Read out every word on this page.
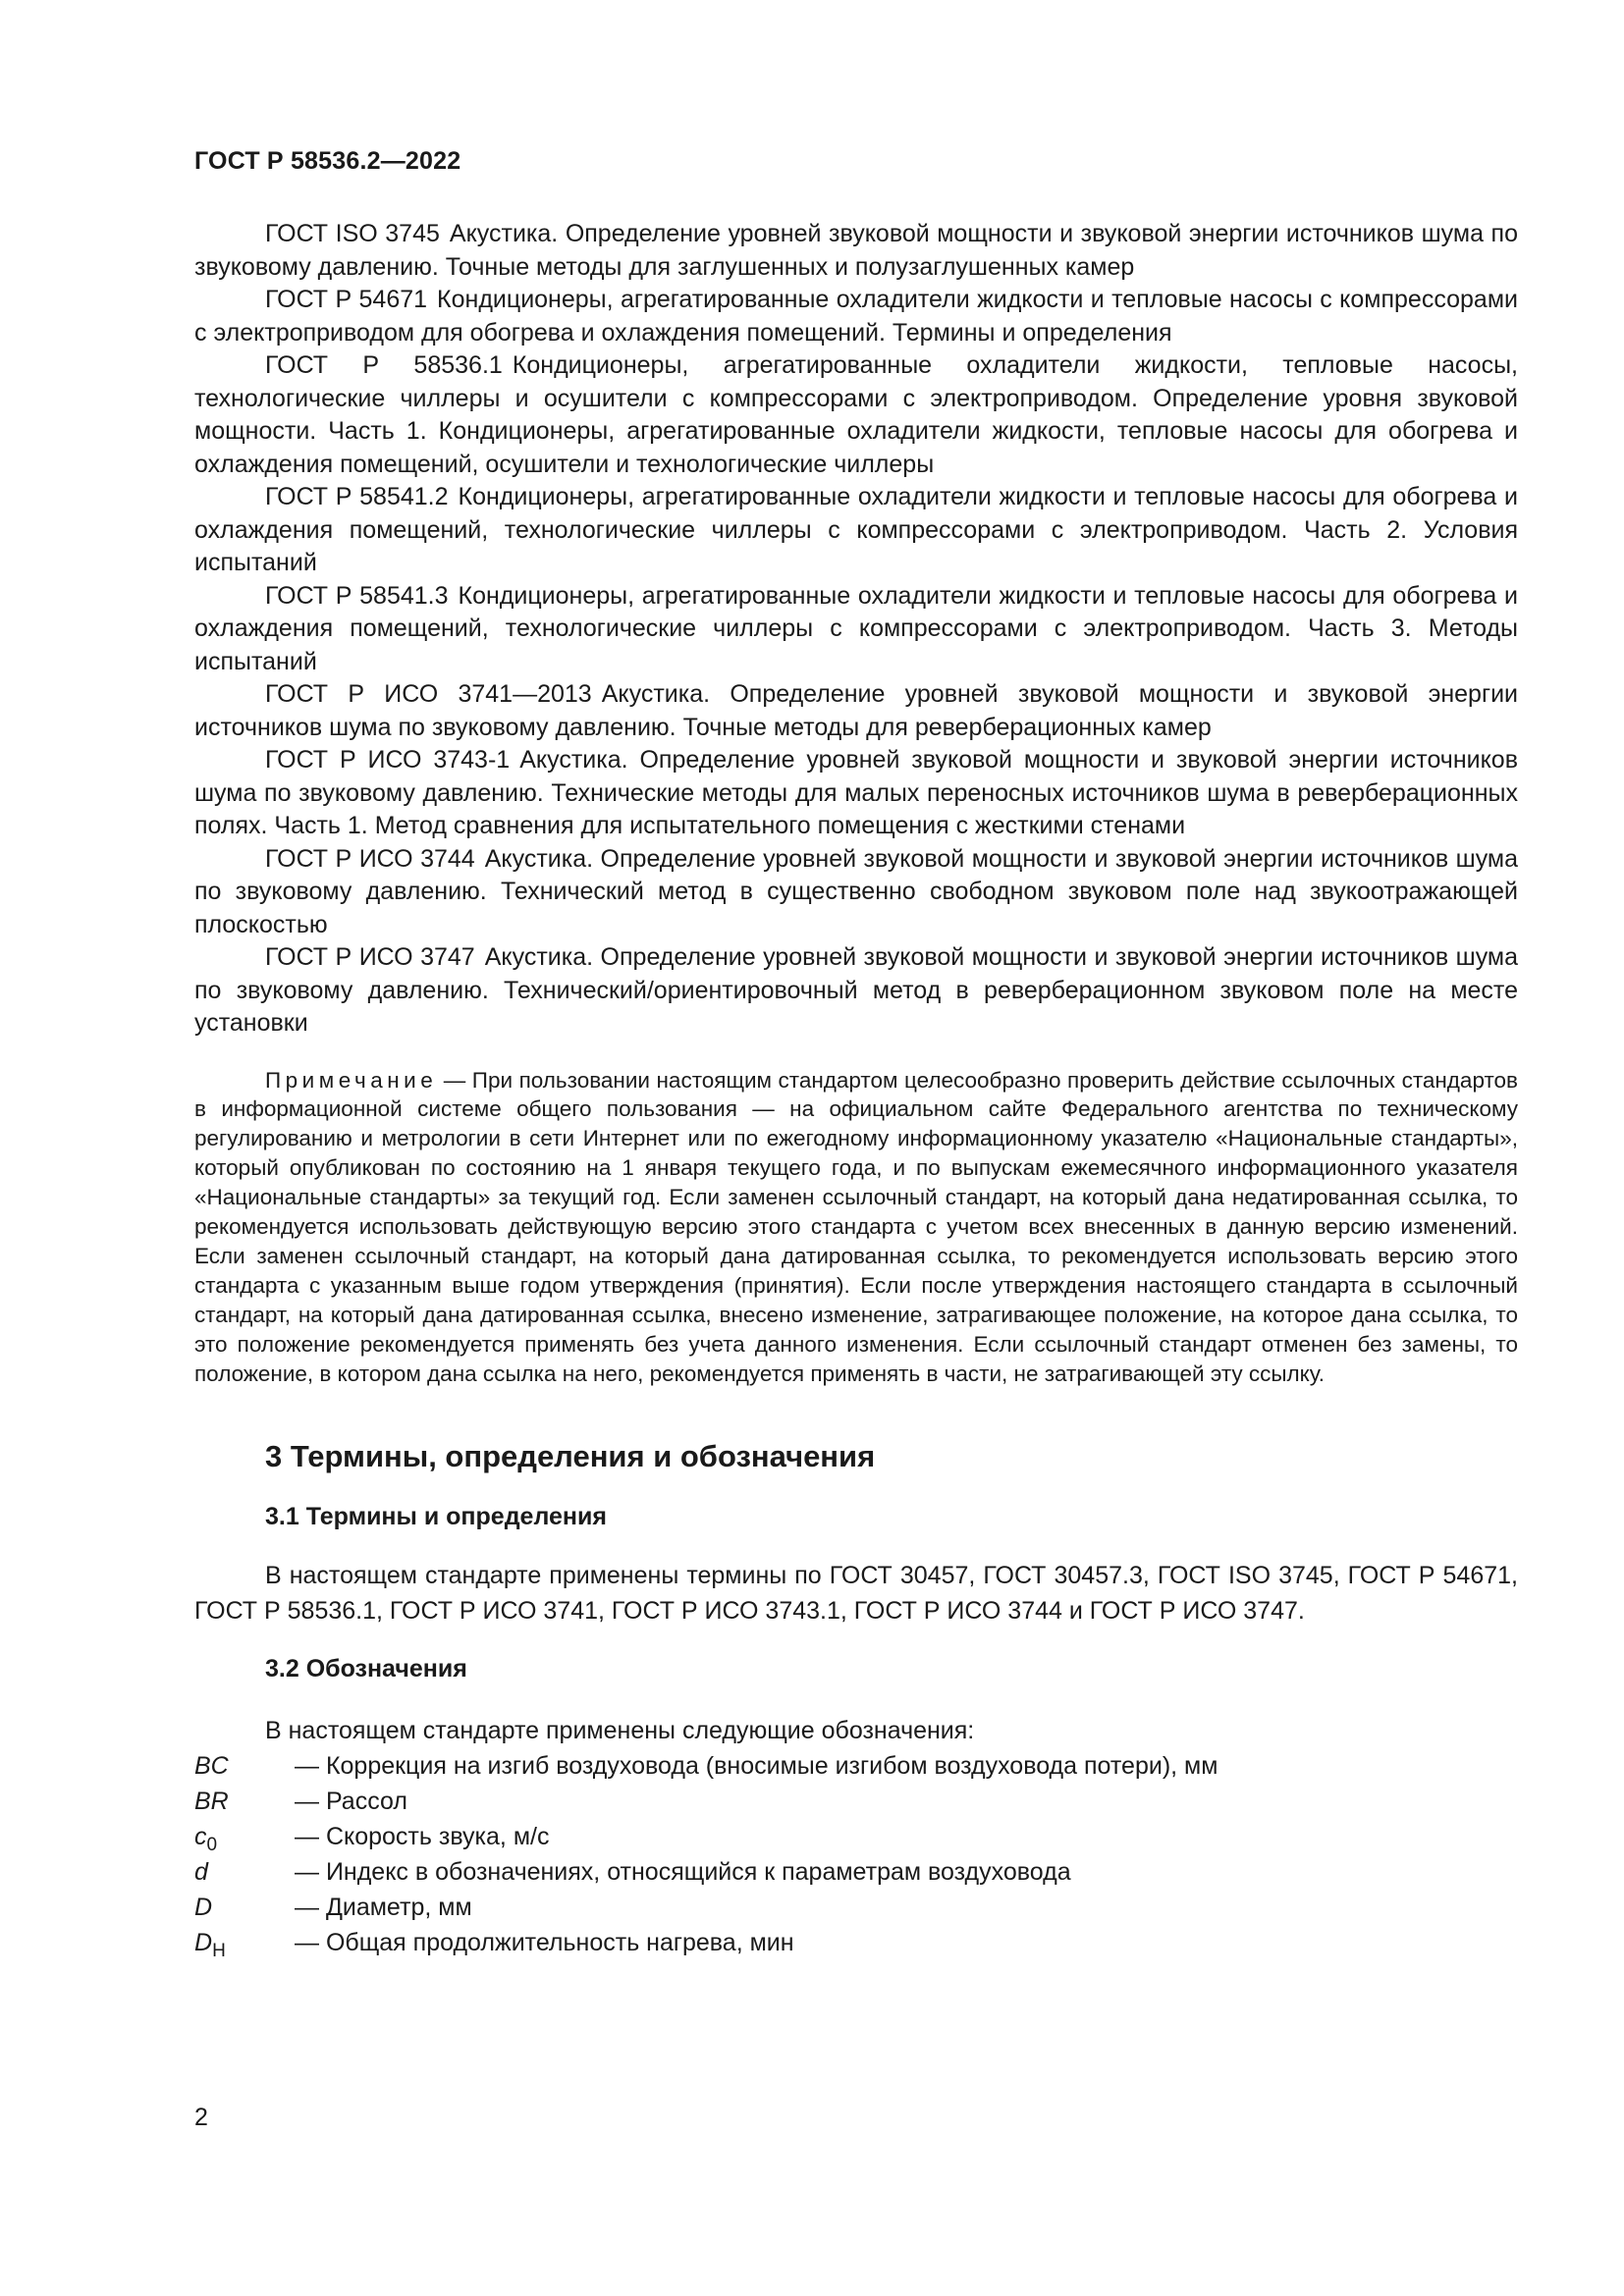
ГОСТ Р 58536.2—2022

ГОСТ ISO 3745 Акустика. Определение уровней звуковой мощности и звуковой энергии источников шума по звуковому давлению. Точные методы для заглушенных и полузаглушенных камер

ГОСТ Р 54671 Кондиционеры, агрегатированные охладители жидкости и тепловые насосы с компрессорами с электроприводом для обогрева и охлаждения помещений. Термины и определения

ГОСТ Р 58536.1 Кондиционеры, агрегатированные охладители жидкости, тепловые насосы, технологические чиллеры и осушители с компрессорами с электроприводом. Определение уровня звуковой мощности. Часть 1. Кондиционеры, агрегатированные охладители жидкости, тепловые насосы для обогрева и охлаждения помещений, осушители и технологические чиллеры

ГОСТ Р 58541.2 Кондиционеры, агрегатированные охладители жидкости и тепловые насосы для обогрева и охлаждения помещений, технологические чиллеры с компрессорами с электроприводом. Часть 2. Условия испытаний

ГОСТ Р 58541.3 Кондиционеры, агрегатированные охладители жидкости и тепловые насосы для обогрева и охлаждения помещений, технологические чиллеры с компрессорами с электроприводом. Часть 3. Методы испытаний

ГОСТ Р ИСО 3741—2013 Акустика. Определение уровней звуковой мощности и звуковой энергии источников шума по звуковому давлению. Точные методы для реверберационных камер

ГОСТ Р ИСО 3743-1 Акустика. Определение уровней звуковой мощности и звуковой энергии источников шума по звуковому давлению. Технические методы для малых переносных источников шума в реверберационных полях. Часть 1. Метод сравнения для испытательного помещения с жесткими стенами

ГОСТ Р ИСО 3744 Акустика. Определение уровней звуковой мощности и звуковой энергии источников шума по звуковому давлению. Технический метод в существенно свободном звуковом поле над звукоотражающей плоскостью

ГОСТ Р ИСО 3747 Акустика. Определение уровней звуковой мощности и звуковой энергии источников шума по звуковому давлению. Технический/ориентировочный метод в реверберационном звуковом поле на месте установки

Примечание — При пользовании настоящим стандартом целесообразно проверить действие ссылочных стандартов в информационной системе общего пользования — на официальном сайте Федерального агентства по техническому регулированию и метрологии в сети Интернет или по ежегодному информационному указателю «Национальные стандарты», который опубликован по состоянию на 1 января текущего года, и по выпускам ежемесячного информационного указателя «Национальные стандарты» за текущий год. Если заменен ссылочный стандарт, на который дана недатированная ссылка, то рекомендуется использовать действующую версию этого стандарта с учетом всех внесенных в данную версию изменений. Если заменен ссылочный стандарт, на который дана датированная ссылка, то рекомендуется использовать версию этого стандарта с указанным выше годом утверждения (принятия). Если после утверждения настоящего стандарта в ссылочный стандарт, на который дана датированная ссылка, внесено изменение, затрагивающее положение, на которое дана ссылка, то это положение рекомендуется применять без учета данного изменения. Если ссылочный стандарт отменен без замены, то положение, в котором дана ссылка на него, рекомендуется применять в части, не затрагивающей эту ссылку.
3 Термины, определения и обозначения
3.1 Термины и определения

В настоящем стандарте применены термины по ГОСТ 30457, ГОСТ 30457.3, ГОСТ ISO 3745, ГОСТ Р 54671, ГОСТ Р 58536.1, ГОСТ Р ИСО 3741, ГОСТ Р ИСО 3743.1, ГОСТ Р ИСО 3744 и ГОСТ Р ИСО 3747.

3.2 Обозначения

В настоящем стандарте применены следующие обозначения:

BC	— Коррекция на изгиб воздуховода (вносимые изгибом воздуховода потери), мм
BR	— Рассол
$c_0$	— Скорость звука, м/с
d	— Индекс в обозначениях, относящийся к параметрам воздуховода
D	— Диаметр, мм
$D_H$	— Общая продолжительность нагрева, мин
2
